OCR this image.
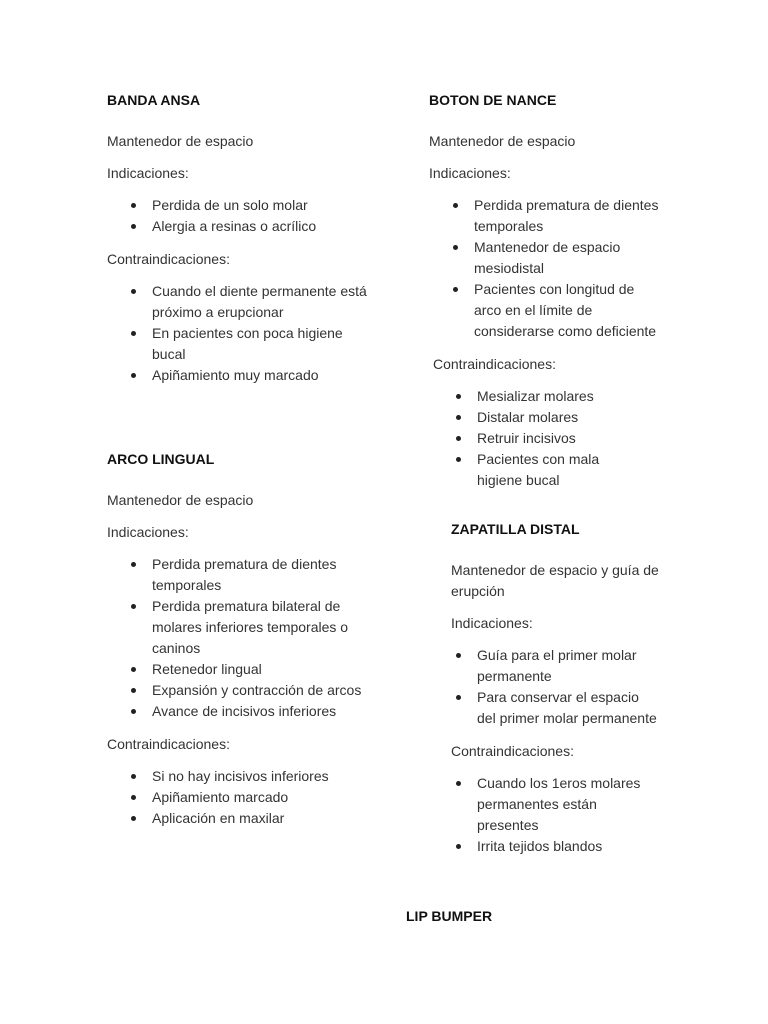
BANDA ANSA
Mantenedor de espacio
Indicaciones:
Perdida de un solo molar
Alergia a resinas o acrílico
Contraindicaciones:
Cuando el diente permanente está próximo a erupcionar
En pacientes con poca higiene bucal
Apiñamiento muy marcado
ARCO LINGUAL
Mantenedor de espacio
Indicaciones:
Perdida prematura de dientes temporales
Perdida prematura bilateral de molares inferiores temporales o caninos
Retenedor lingual
Expansión y contracción de arcos
Avance de incisivos inferiores
Contraindicaciones:
Si no hay incisivos inferiores
Apiñamiento marcado
Aplicación en maxilar
BOTON DE NANCE
Mantenedor de espacio
Indicaciones:
Perdida prematura de dientes temporales
Mantenedor de espacio mesiodistal
Pacientes con longitud de arco en el límite de considerarse como deficiente
Contraindicaciones:
Mesializar molares
Distalar molares
Retruir incisivos
Pacientes con mala higiene bucal
ZAPATILLA DISTAL
Mantenedor de espacio y guía de erupción
Indicaciones:
Guía para el primer molar permanente
Para conservar el espacio del primer molar permanente
Contraindicaciones:
Cuando los 1eros molares permanentes están presentes
Irrita tejidos blandos
LIP BUMPER
